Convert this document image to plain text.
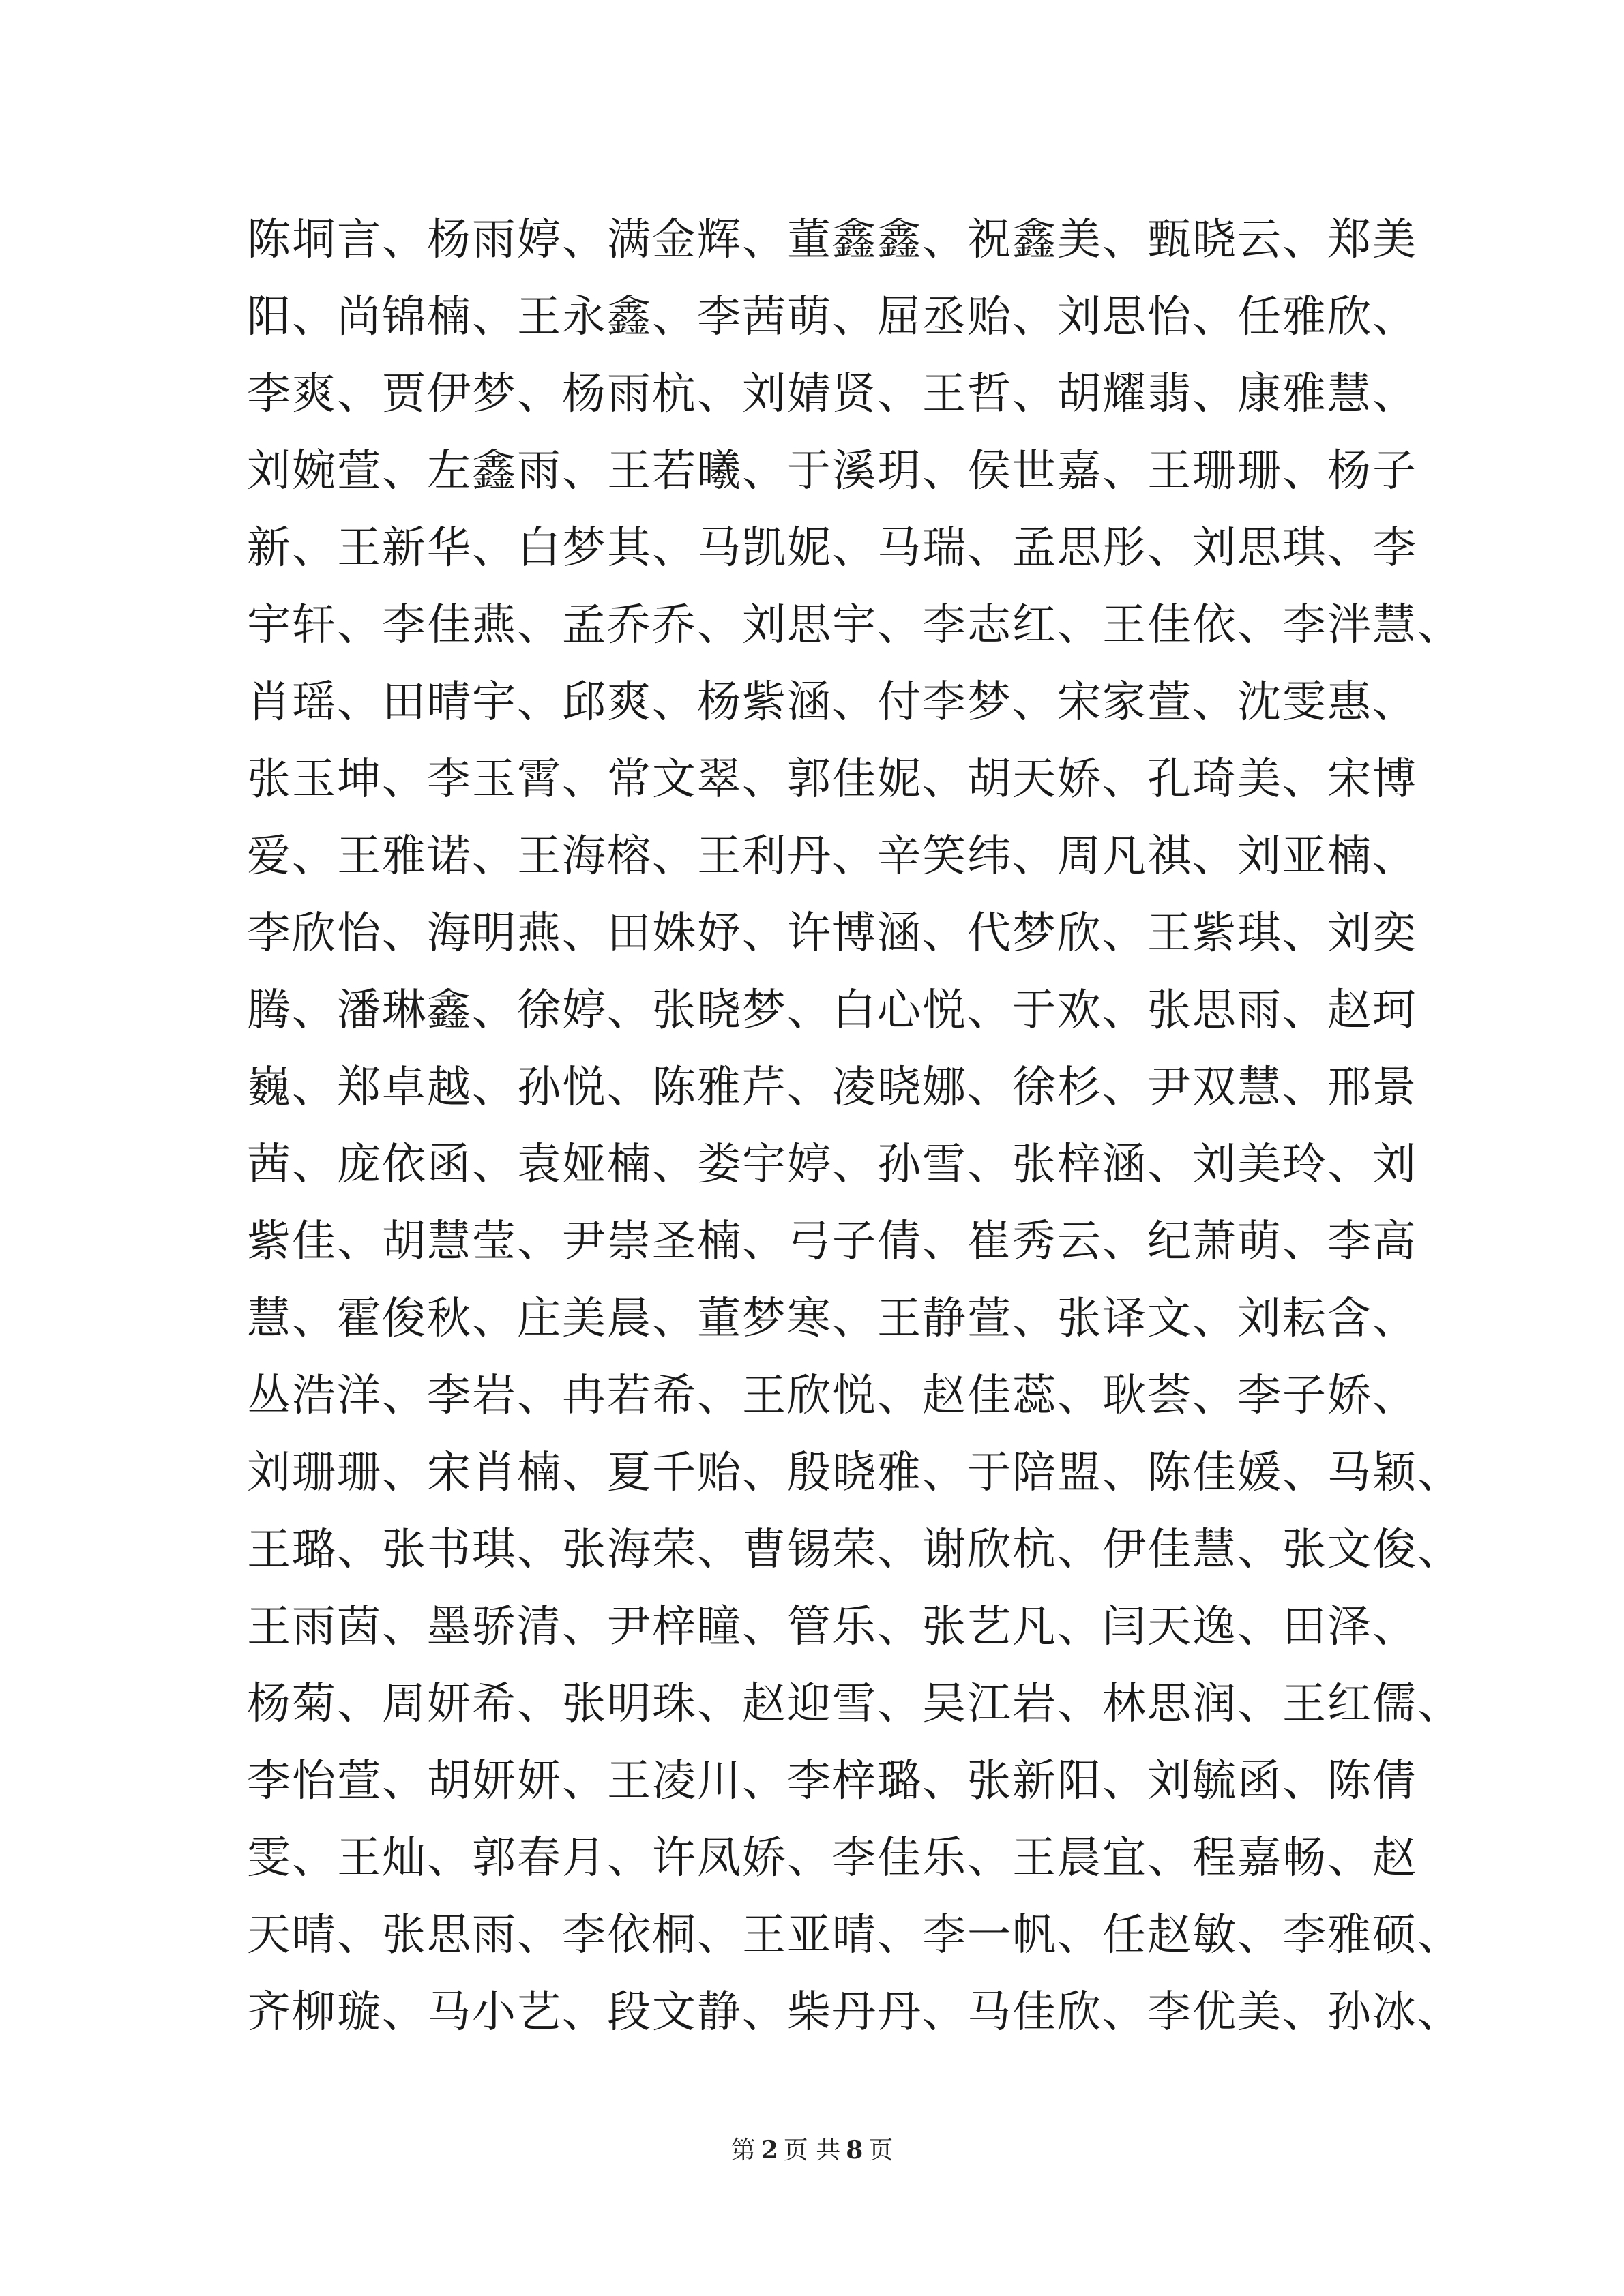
陈垌言、杨雨婷、满金辉、董鑫鑫、祝鑫美、甄晓云、郑美
阳、尚锦楠、王永鑫、李茜萌、屈丞贻、刘思怡、任雅欣、
李爽、贾伊梦、杨雨杭、刘婧贤、王哲、胡耀翡、康雅慧、
刘婉萱、左鑫雨、王若曦、于溪玥、侯世嘉、王珊珊、杨子
新、王新华、白梦其、马凯妮、马瑞、孟思彤、刘思琪、李
宇轩、李佳燕、孟乔乔、刘思宇、李志红、王佳依、李泮慧、
肖瑶、田晴宇、邱爽、杨紫涵、付李梦、宋家萱、沈雯惠、
张玉坤、李玉霄、常文翠、郭佳妮、胡天娇、孔琦美、宋博
爱、王雅诺、王海榕、王利丹、辛笑纬、周凡祺、刘亚楠、
李欣怡、海明燕、田姝妤、许博涵、代梦欣、王紫琪、刘奕
腾、潘琳鑫、徐婷、张晓梦、白心悦、于欢、张思雨、赵珂
巍、郑卓越、孙悦、陈雅芹、凌晓娜、徐杉、尹双慧、邢景
茜、庞依函、袁娅楠、娄宇婷、孙雪、张梓涵、刘美玲、刘
紫佳、胡慧莹、尹崇圣楠、弓子倩、崔秀云、纪萧萌、李高
慧、霍俊秋、庄美晨、董梦寒、王静萱、张译文、刘耘含、
丛浩洋、李岩、冉若希、王欣悦、赵佳蕊、耿荟、李子娇、
刘珊珊、宋肖楠、夏千贻、殷晓雅、于陪盟、陈佳媛、马颖、
王璐、张书琪、张海荣、曹锡荣、谢欣杭、伊佳慧、张文俊、
王雨茵、墨骄清、尹梓瞳、管乐、张艺凡、闫天逸、田泽、
杨菊、周妍希、张明珠、赵迎雪、吴江岩、林思润、王红儒、
李怡萱、胡妍妍、王凌川、李梓璐、张新阳、刘毓函、陈倩
雯、王灿、郭春月、许凤娇、李佳乐、王晨宜、程嘉畅、赵
天晴、张思雨、李依桐、王亚晴、李一帆、任赵敏、李雅硕、
齐柳璇、马小艺、段文静、柴丹丹、马佳欣、李优美、孙冰、
第 2 页 共 8 页
